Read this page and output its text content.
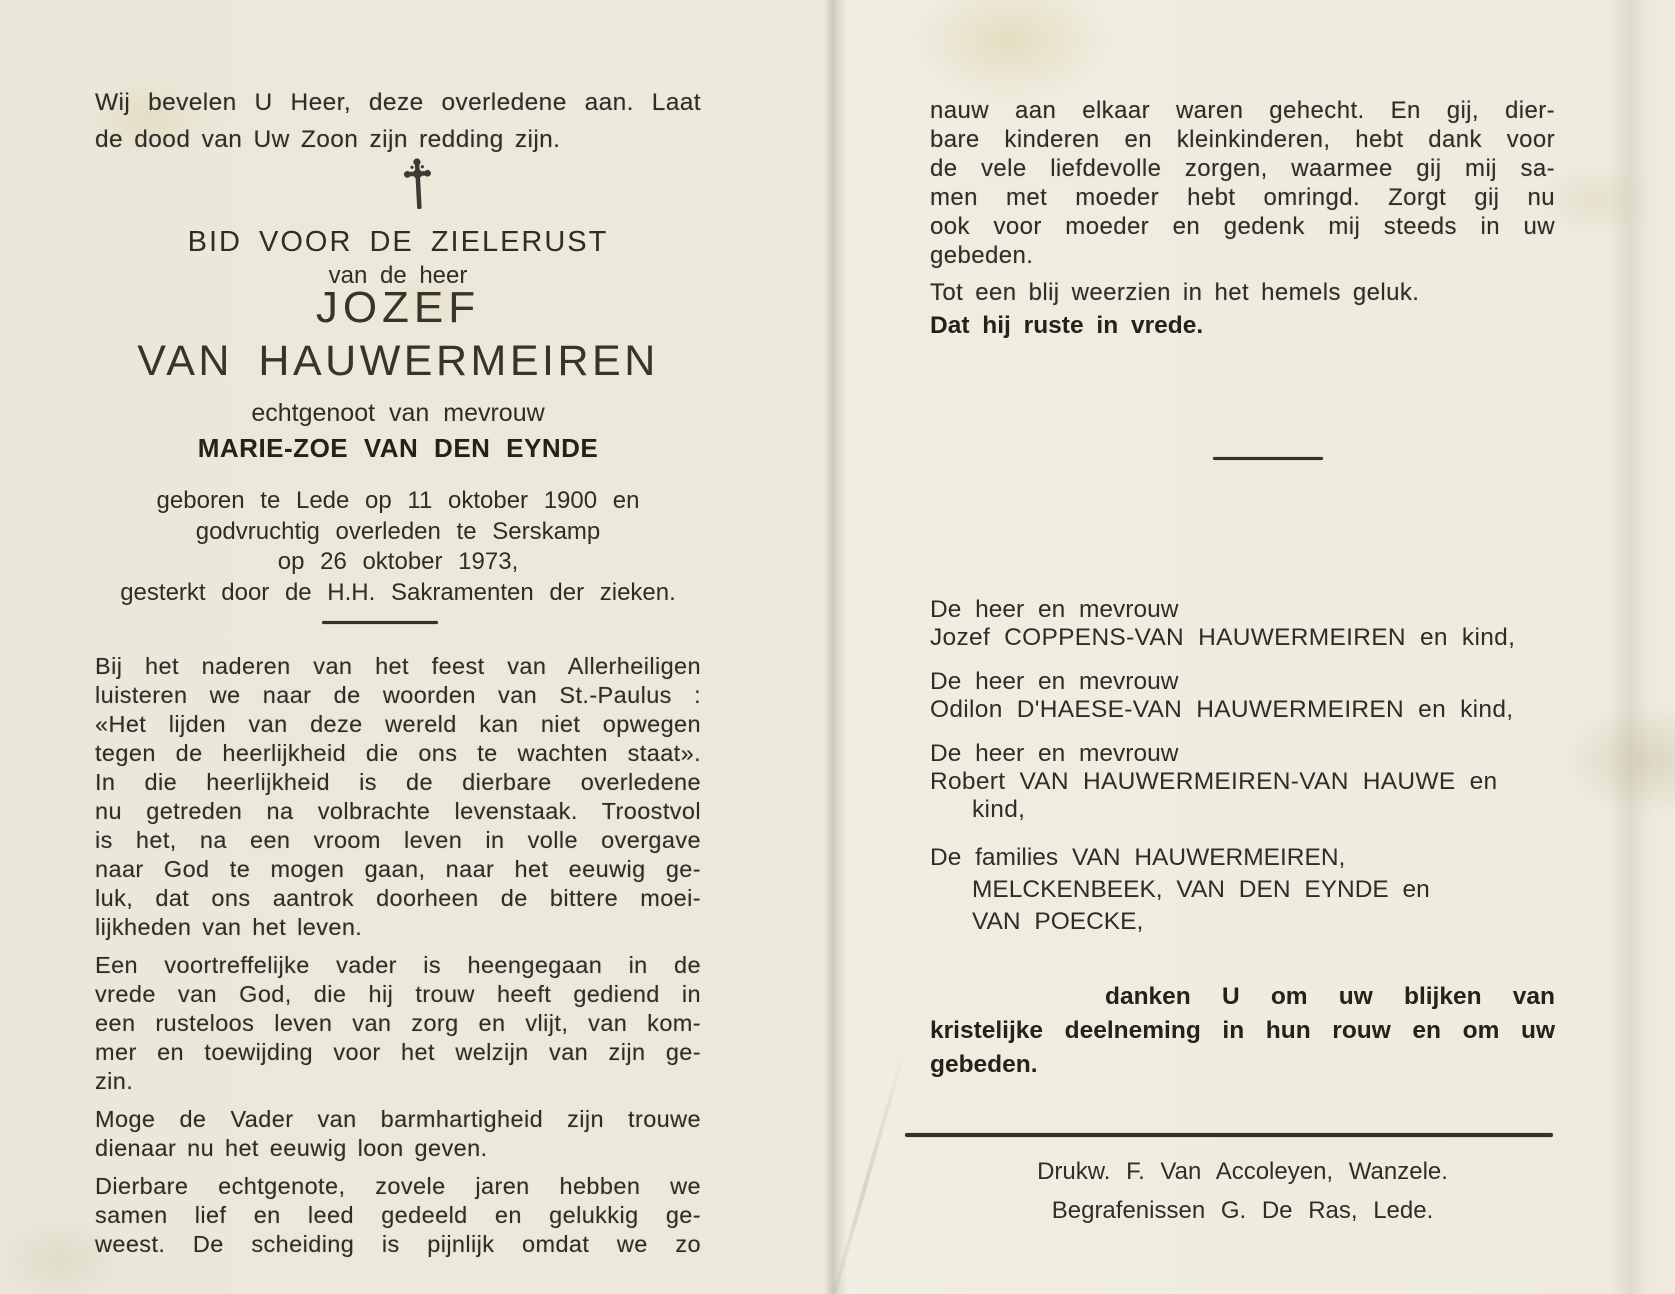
Wij bevelen U Heer, deze overledene aan. Laat
de dood van Uw Zoon zijn redding zijn.
BID VOOR DE ZIELERUST
van de heer
JOZEF
VAN HAUWERMEIREN
echtgenoot van mevrouw
MARIE-ZOE VAN DEN EYNDE
geboren te Lede op 11 oktober 1900 en
godvruchtig overleden te Serskamp
op 26 oktober 1973,
gesterkt door de H.H. Sakramenten der zieken.
Bij het naderen van het feest van Allerheiligen
luisteren we naar de woorden van St.-Paulus :
«Het lijden van deze wereld kan niet opwegen
tegen de heerlijkheid die ons te wachten staat».
In die heerlijkheid is de dierbare overledene
nu getreden na volbrachte levenstaak. Troostvol
is het, na een vroom leven in volle overgave
naar God te mogen gaan, naar het eeuwig ge-
luk, dat ons aantrok doorheen de bittere moei-
lijkheden van het leven.
Een voortreffelijke vader is heengegaan in de
vrede van God, die hij trouw heeft gediend in
een rusteloos leven van zorg en vlijt, van kom-
mer en toewijding voor het welzijn van zijn ge-
zin.
Moge de Vader van barmhartigheid zijn trouwe
dienaar nu het eeuwig loon geven.
Dierbare echtgenote, zovele jaren hebben we
samen lief en leed gedeeld en gelukkig ge-
weest. De scheiding is pijnlijk omdat we zo
nauw aan elkaar waren gehecht. En gij, dier-
bare kinderen en kleinkinderen, hebt dank voor
de vele liefdevolle zorgen, waarmee gij mij sa-
men met moeder hebt omringd. Zorgt gij nu
ook voor moeder en gedenk mij steeds in uw
gebeden.
Tot een blij weerzien in het hemels geluk.
Dat hij ruste in vrede.
De heer en mevrouw
Jozef COPPENS-VAN HAUWERMEIREN en kind,
De heer en mevrouw
Odilon D'HAESE-VAN HAUWERMEIREN en kind,
De heer en mevrouw
Robert VAN HAUWERMEIREN-VAN HAUWE en
kind,
De families VAN HAUWERMEIREN,
MELCKENBEEK, VAN DEN EYNDE en
VAN POECKE,
danken U om uw blijken van
kristelijke deelneming in hun rouw en om uw
gebeden.
Drukw. F. Van Accoleyen, Wanzele.
Begrafenissen G. De Ras, Lede.
